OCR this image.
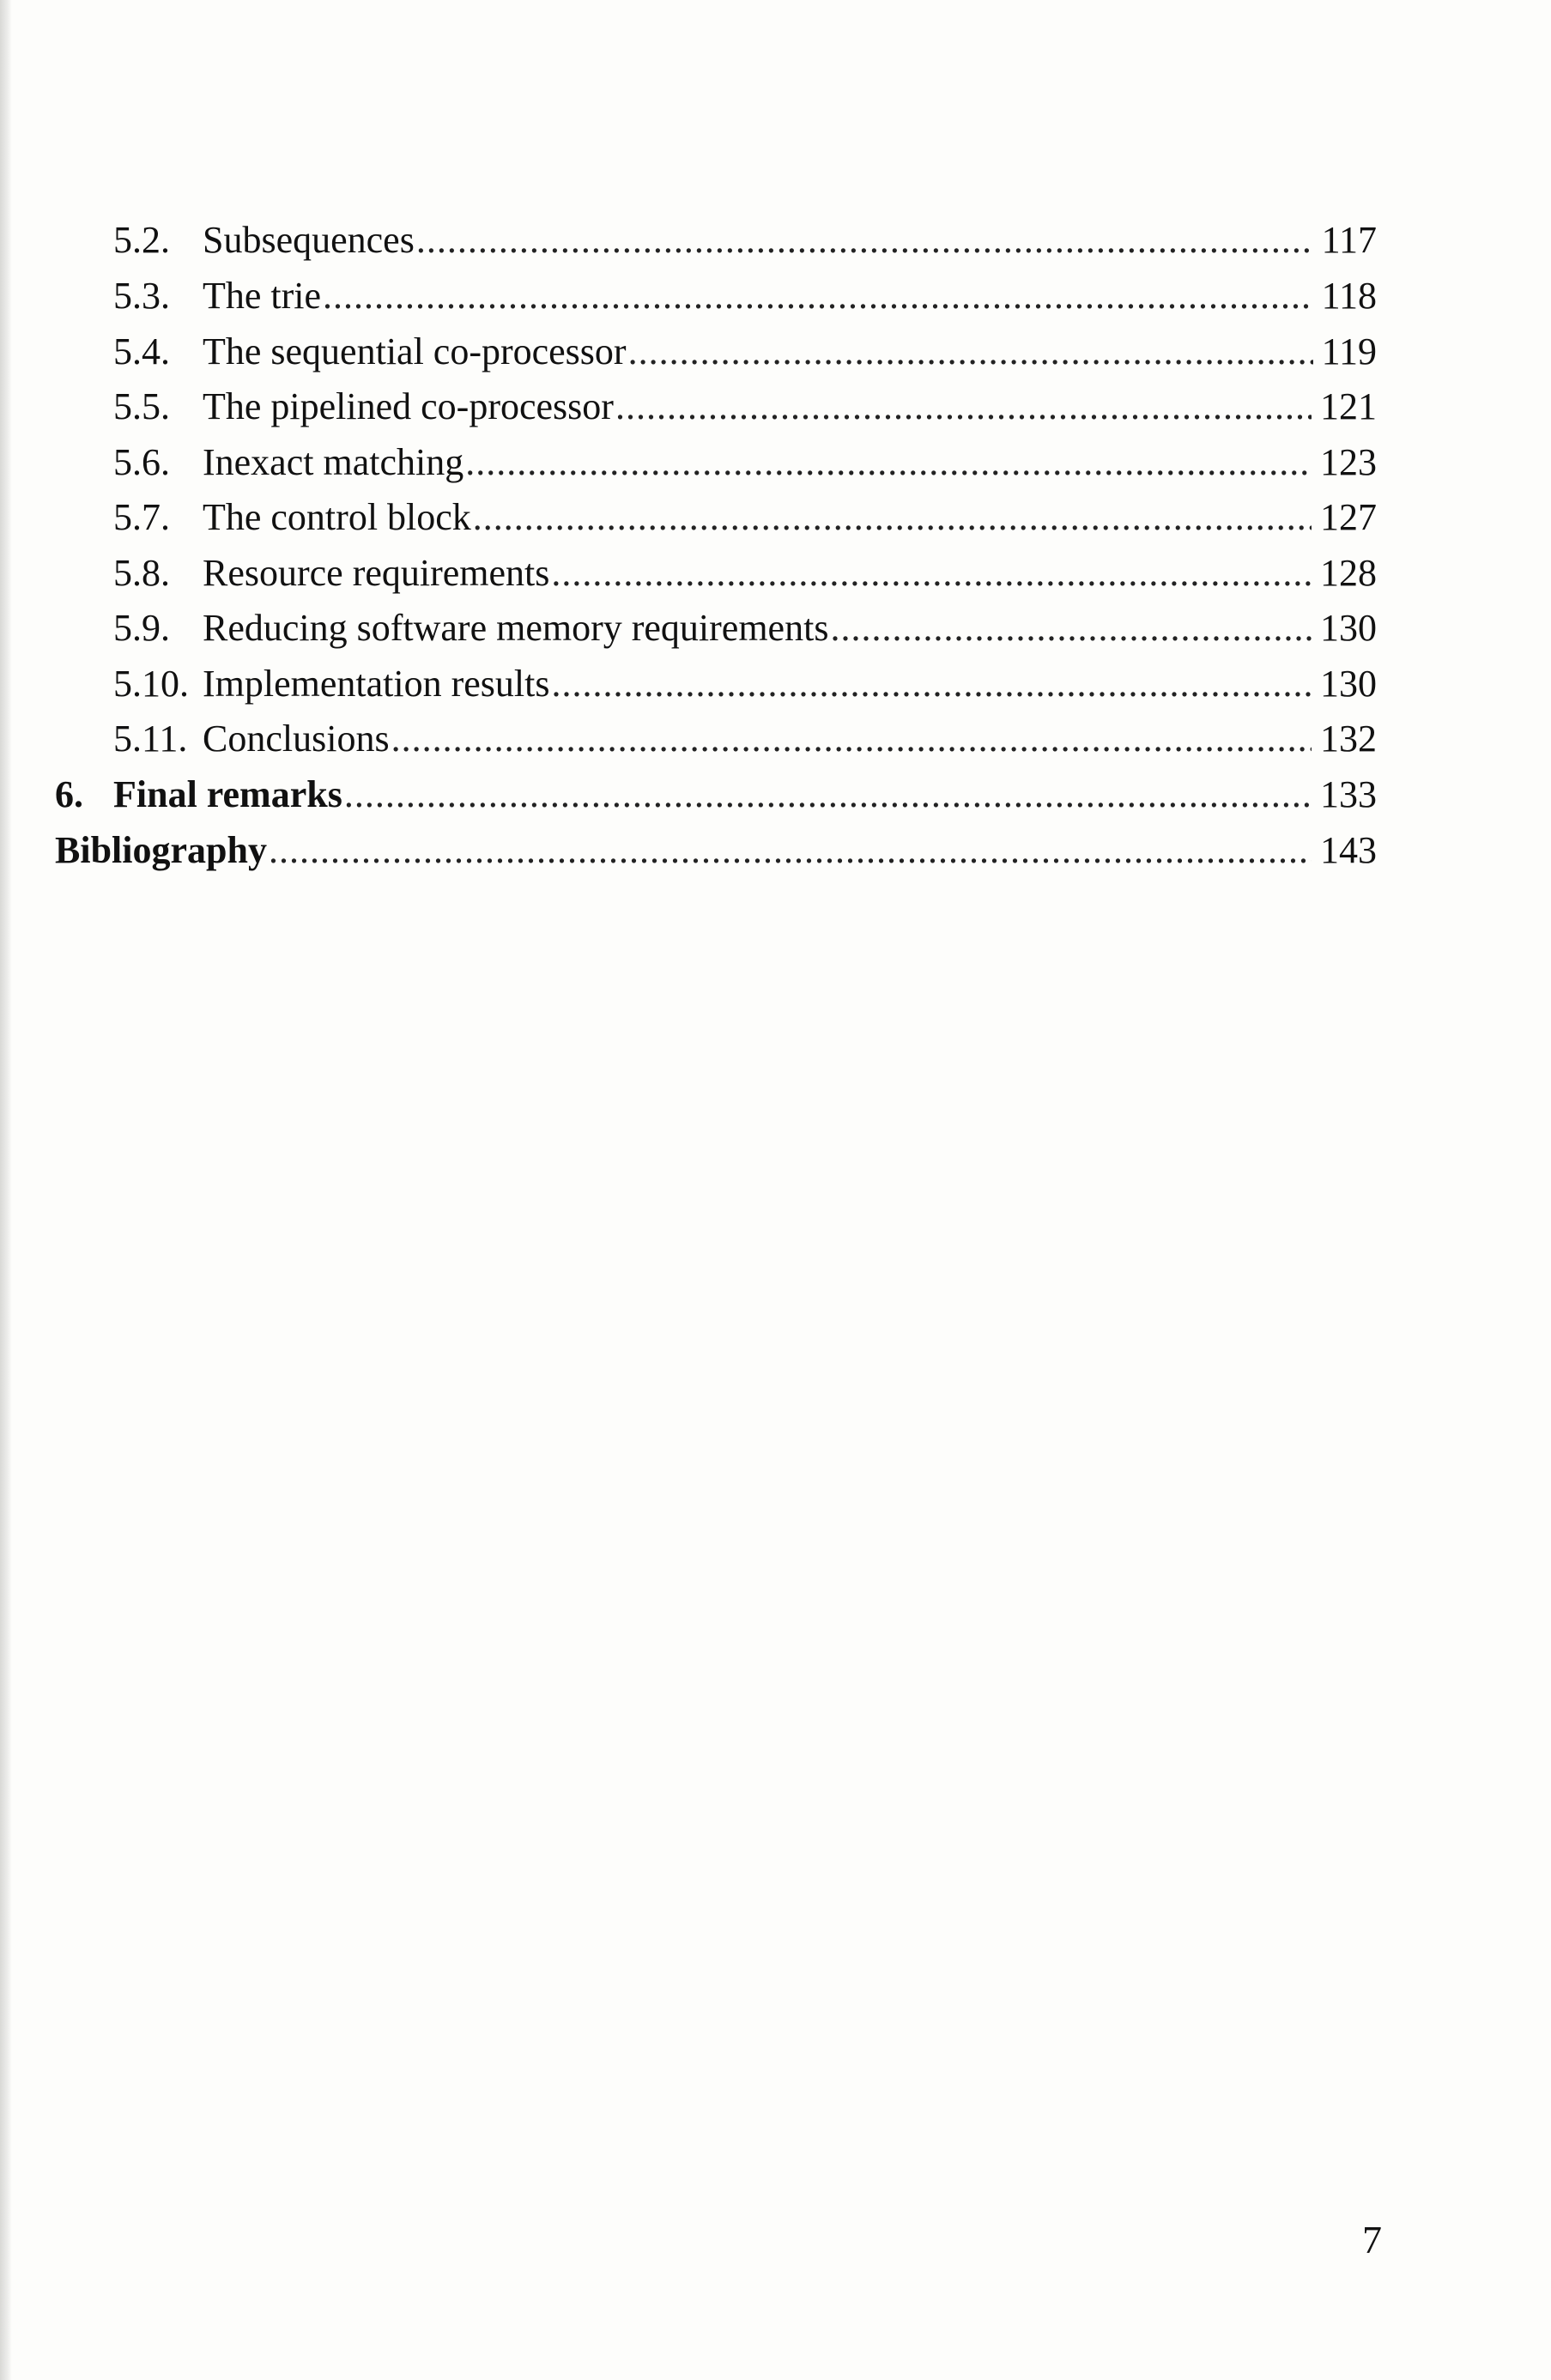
5.2. Subsequences .....	117
5.3. The trie .....	118
5.4. The sequential co-processor .....	119
5.5. The pipelined co-processor .....	121
5.6. Inexact matching .....	123
5.7. The control block .....	127
5.8. Resource requirements .....	128
5.9. Reducing software memory requirements .....	130
5.10. Implementation results .....	130
5.11. Conclusions .....	132
6. Final remarks .....	133
Bibliography .....	143
7
